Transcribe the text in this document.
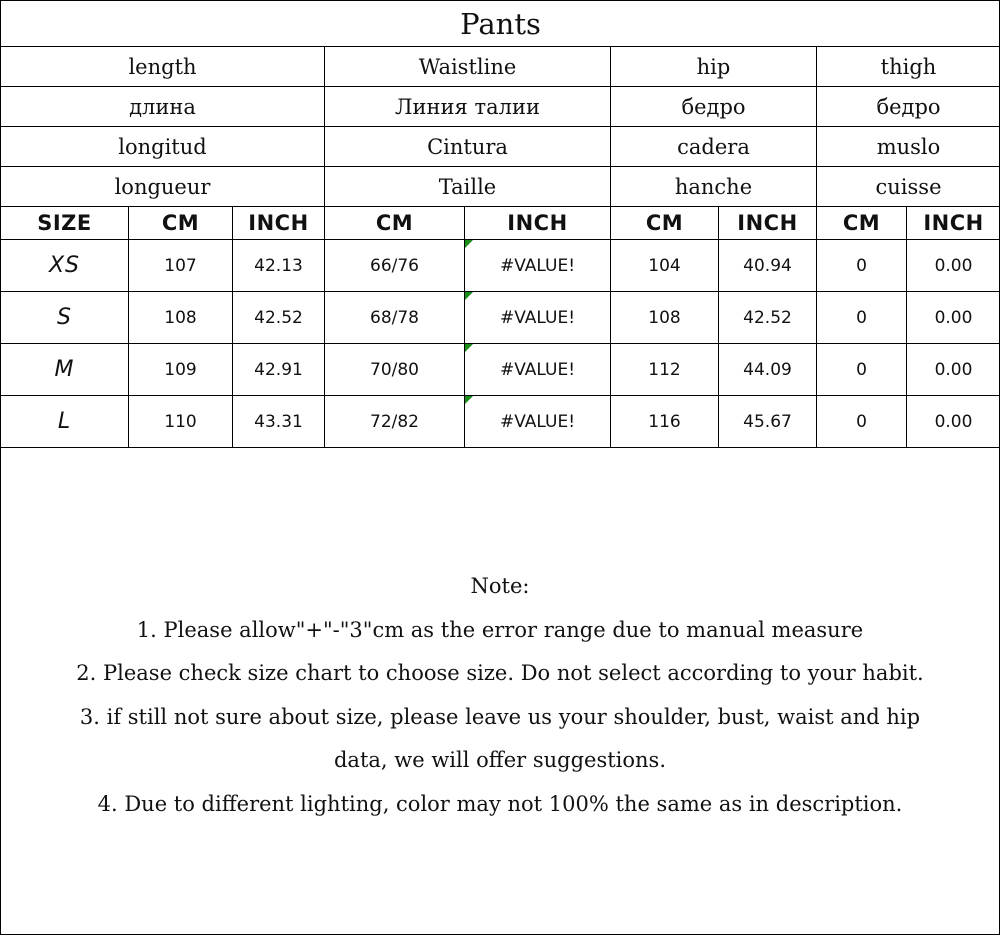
Pants								
length			Waistline		hip		thigh	
длина			Линия талии		бедро		бедро	
longitud			Cintura		cadera		muslo	
longueur			Taille		hanche		cuisse	
SIZE	CM	INCH	CM	INCH	CM	INCH	CM	INCH
XS	107	42.13	66/76	#VALUE!	104	40.94	0	0.00
S	108	42.52	68/78	#VALUE!	108	42.52	0	0.00
M	109	42.91	70/80	#VALUE!	112	44.09	0	0.00
L	110	43.31	72/82	#VALUE!	116	45.67	0	0.00
Note:
1. Please allow"+"-"3"cm as the error range due to manual measure
2. Please check size chart to choose size. Do not select according to your habit.
3. if still not sure about size, please leave us your shoulder, bust, waist and hip
data, we will offer suggestions.
4. Due to different lighting, color may not 100% the same as in description.
